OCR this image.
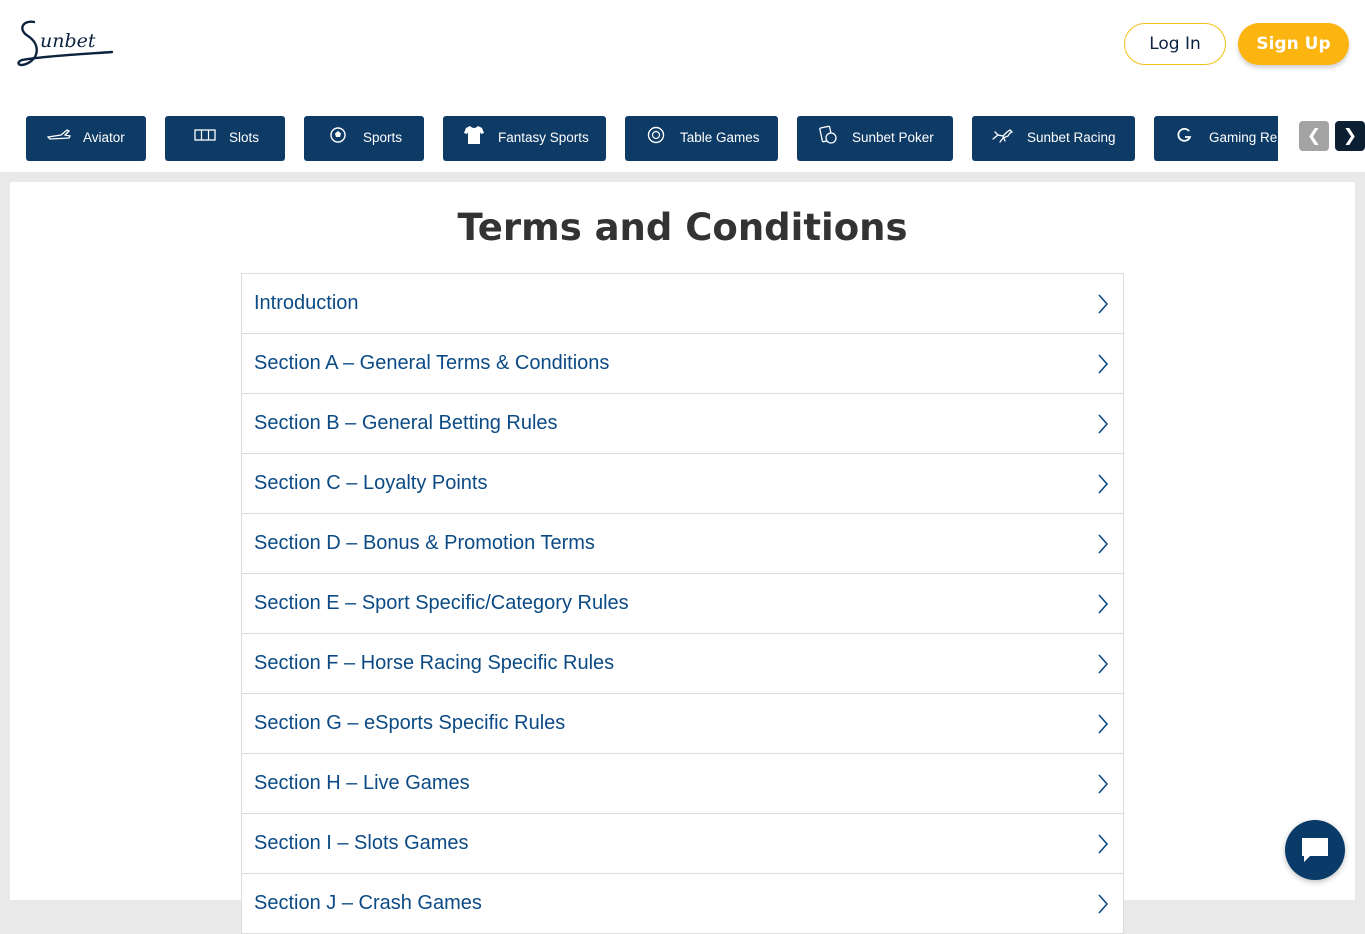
unbet	Log In	Sign Up
Aviator	Slots	Sports	Fantasy Sports	Table Games	Sunbet Poker	Sunbet Racing	Gaming Re	❮	❯
Terms and Conditions
Introduction
Section A – General Terms & Conditions
Section B – General Betting Rules
Section C – Loyalty Points
Section D – Bonus & Promotion Terms
Section E – Sport Specific/Category Rules
Section F – Horse Racing Specific Rules
Section G – eSports Specific Rules
Section H – Live Games
Section I – Slots Games
Section J – Crash Games
